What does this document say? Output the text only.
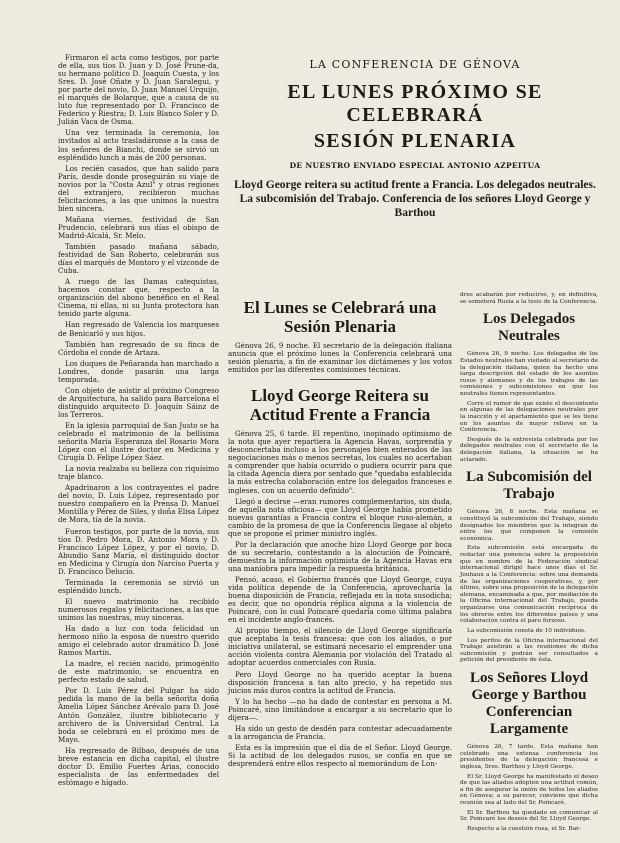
LA CONFERENCIA DE GÉNOVA
EL LUNES PRÓXIMO SE CELEBRARÁ
SESIÓN PLENARIA
DE NUESTRO ENVIADO ESPECIAL ANTONIO AZPEITUA
Lloyd George reitera su actitud frente a Francia. Los delegados neutrales. La subcomisión del Trabajo. Conferencia de los señores Lloyd George y Barthou

Firmaron el acta como testigos, por parte de ella, sus tíos D. Juan y D. José Prune-da, su hermano político D. Joaquín Cuesta, y los Sres. D. José Oñate y D. Juan Saralegui, y por parte del novio, D. Juan Manuel Urquijo, el marqués de Bolarque, que a causa de su luto fue representado por D. Francisco de Federico y Riestra; D. Luis Blanco Soler y D. Julián Vaca de Osma.

Una vez terminada la ceremonia, los invitados al acto trasladáronse a la casa de los señores de Bianchi, donde se sirvió un espléndido lunch a más de 200 personas.

Los recién casados, que han salido para París, desde donde proseguirán su viaje de novios por la "Costa Azul" y otras regiones del extranjero, recibieron muchas felicitaciones, a las que unimos la nuestra bien sincera.

Mañana viernes, festividad de San Prudencio, celebrará sus días el obispo de Madrid-Alcalá, Sr. Melo.

También pasado mañana sábado, festividad de San Roberto, celebrarán sus días el marqués de Montoro y el vizconde de Cuba.

A ruego de las Damas catequistas, hacemos constar que, respecto a la organización del abono benéfico en el Real Cinema, ni ellas, ni su Junta protectora han tenido parte alguna.

Han regresado de Valencia los marqueses de Benicarló y sus hijos.

También han regresado de su finca de Córdoba el conde de Artaza.

Los duques de Peñaranda han marchado a Londres, donde pasarán una larga temporada.

Con objeto de asistir al próximo Congreso de Arquitectura, ha salido para Barcelona el distinguido arquitecto D. Joaquín Sáinz de los Terreros.

En la iglesia parroquial de San Justo se ha celebrado el matrimonio de la bellísima señorita María Esperanza del Rosario Mora López con el ilustre doctor en Medicina y Cirugía D. Felipe López Sáez.

La novia realzaba su belleza con riquísimo traje blanco.

Apadrinaron a los contrayentes el padre del novio, D. Luis López, representado por nuestro compañero en la Prensa D. Manuel Montilla y Pérez de Siles, y doña Elisa López de Mora, tía de la novia.

Fueron testigos, por parte de la novia, sus tíos D. Pedro Mora, D. Antonio Mora y D. Francisco López López, y por el novio, D. Abundio Sanz María, el distinguido doctor en Medicina y Cirugía don Narciso Puerta y D. Francisco Delucio.

Terminada la ceremonia se sirvió un espléndido lunch.

El nuevo matrimonio ha recibido numerosos regalos y felicitaciones, a las que unimos las nuestras, muy sinceras.

Ha dado a luz con toda felicidad un hermoso niño la esposa de nuestro querido amigo el celebrado autor dramático D. José Ramos Martín.

La madre, el recién nacido, primogénito de este matrimonio, se encuentra en perfecto estado de salud.

Por D. Luis Pérez del Pulgar ha sido pedida la mano de la bella señorita doña Amelia López Sánchez Arévalo para D. José Antón González, ilustre bibliotecario y archivero de la Universidad Central. La boda se celebrará en el próximo mes de Mayo.

Ha regresado de Bilbao, después de una breve estancia en dicha capital, el ilustre doctor D. Emilio Fuertes Arias, conocido especialista de las enfermedades del estómago e hígado.

El Lunes se Celebrará una Sesión Plenaria

Génova 26, 9 noche. El secretario de la delegación italiana anuncia que el próximo lunes la Conferencia celebrará una sesión plenaria, a fin de examinar los dictámenes y los votos emitidos por las diferentes comisiones técnicas.

Lloyd George Reitera su Actitud Frente a Francia

Génova 25, 6 tarde. El repentino, inopinado optimismo de la nota que ayer repartiera la Agencia Havas, sorprendía y desconcertaba incluso a los personajes bien enterados de las negociaciones más o menos secretas, los cuales no acertaban a comprender que había ocurrido o pudiera ocurrir para que la citada Agencia diera por sentado que "quedaba establecida la más estrecha colaboración entre los delegados franceses e ingleses, con un acuerdo definido".

Llegó a decirse —eran rumores complementarios, sin duda, de aquella nota oficiosa— que Lloyd George había prometido nuevas garantías a Francia contra el bloque ruso-alemán, a cambio de la promesa de que la Conferencia llegase al objeto que se propone el primer ministro inglés.

Por la declaración que anoche hizo Lloyd George por boca de su secretario, contestando a la alocución de Poincaré, demuestra la información optimista de la Agencia Havas era una maniobra para impedir la respuesta británica.

Pensó, acaso, el Gobierno francés que Lloyd George, cuya vida política depende de la Conferencia, aprovecharía la buena disposición de Francia, reflejada en la nota susodicha; es decir, que no opondría réplica alguna a la violencia de Poincaré, con lo cual Poincaré quedaría como última palabra en el incidente anglo-francés.

Al propio tiempo, el silencio de Lloyd George significaría que aceptaba la tesis francesa: que con los aliados, o por iniciativa unilateral, se estimará necesario el emprender una acción violenta contra Alemania por violación del Tratado al adoptar acuerdos comerciales con Rusia.

Pero Lloyd George no ha querido aceptar la buena disposición francesa a tan alto precio, y ha repetido sus juicios más duros contra la actitud de Francia.

Y lo ha hecho —no ha dado de contestar en persona a M. Poincaré, sino limitándose a encargar a su secretario que lo dijera—.

Ha sido un gesto de desdén para contestar adecuadamente a la arrogancia de Francia.

Esta es la impresión que el día de el Señor. Lloyd George. Si la actitud de los delegados rusos, se confía en que se desprenderá entre ellos respecto al memorándum de Lon-

dres acabarán por reducirse, y, en definitiva, se someterá Rusia a la tesis de la Conferencia.

Los Delegados Neutrales

Génova 26, 9 noche. Los delegados de los Estados neutrales han visitado al secretario de la delegación italiana, quien ha hecho una larga descripción del estado de los asuntos rusos y alemanes y de los trabajos de las comisiones y subcomisiones en que los neutrales tienen representantes.

Corre el rumor de que existe el descontento en algunas de las delegaciones neutrales por la inacción y el apartamiento que se les tiene en los asuntos de mayor relieve en la Conferencia.

Después de la entrevista celebrada por los delegados neutrales con el secretario de la delegación italiana, la situación se ha aclarado.

La Subcomisión del Trabajo

Génova 26, 8 noche. Esta mañana se constituyó la subcomisión del Trabajo, siendo designados los miembros que la integran de entre los que componen la comisión económica.

Esta subcomisión está encargada de redactar una ponencia sobre la proposición que en nombre de la Federación sindical internacional dirigió hace unos días el Sr. Jouhaux a la Conferencia: sobre una demanda de las organizaciones cooperativas, y, por último, sobre una proposición de la delegación alemana, encaminada a que, por mediación de la Oficina internacional del Trabajo, pueda organizarse una comunicación recíproca de los obreros entre los diferentes países y una colaboración contra el paro forzoso.

La subcomisión consta de 10 individuos.

Los peritos de la Oficina internacional del Trabajo asistirán a las reuniones de dicha subcomisión y podrán ser consultados a petición del presidente de ésta.

Los Señores Lloyd George y Barthou Conferencian Largamente

Génova 26, 7 tarde. Esta mañana han celebrado una extensa conferencia los presidentes de la delegación francesa e inglesa, Sres. Barthou y Lloyd George.

El Sr. Lloyd George ha manifestado el deseo de que las aliados adopten una actitud común, a fin de asegurar la unión de todos los aliados en Génova; a su parecer, conviene que dicha reunión sea al lado del Sr. Poincaré.

El Sr. Barthou ha quedado en comunicar al Sr. Poincaré los deseos del Sr. Lloyd George.

Respecto a la cuestión rusa, el Sr. Bar-
